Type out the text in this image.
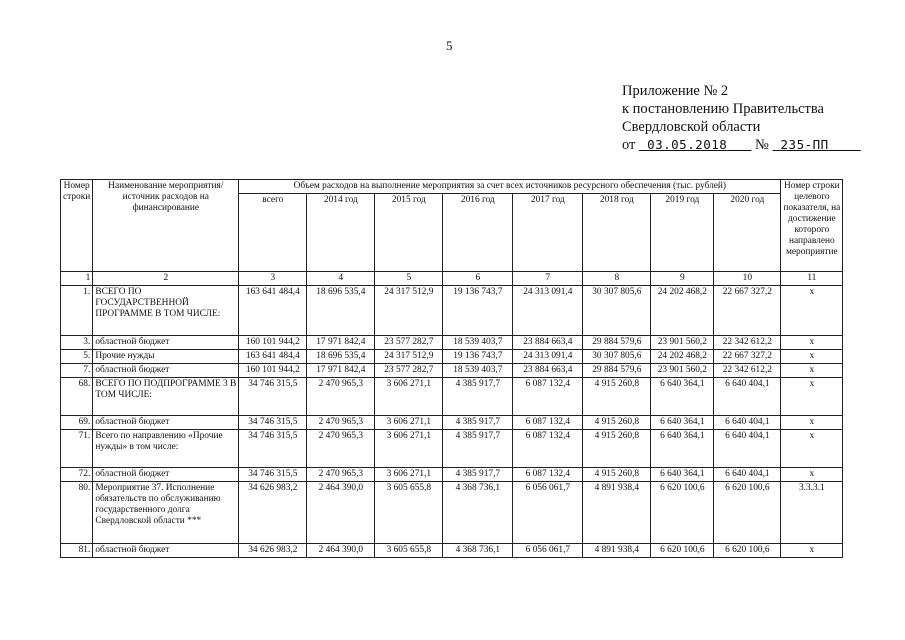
5
Приложение № 2
к постановлению Правительства
Свердловской области
от 03.05.2018 № 235-ПП
Номер строки	Наименование мероприятия/источник расходов на финансирование	Объем расходов на выполнение мероприятия за счет всех источников ресурсного обеспечения (тыс. рублей)								Номер строки целевого показателя, на достижение которого направлено мероприятие
		всего	2014 год	2015 год	2016 год	2017 год	2018 год	2019 год	2020 год	
1	2	3	4	5	6	7	8	9	10	11
1.	ВСЕГО ПО ГОСУДАРСТВЕННОЙ ПРОГРАММЕ В ТОМ ЧИСЛЕ:	163 641 484,4	18 696 535,4	24 317 512,9	19 136 743,7	24 313 091,4	30 307 805,6	24 202 468,2	22 667 327,2	х
3.	областной бюджет	160 101 944,2	17 971 842,4	23 577 282,7	18 539 403,7	23 884 663,4	29 884 579,6	23 901 560,2	22 342 612,2	х
5.	Прочие нужды	163 641 484,4	18 696 535,4	24 317 512,9	19 136 743,7	24 313 091,4	30 307 805,6	24 202 468,2	22 667 327,2	х
7.	областной бюджет	160 101 944,2	17 971 842,4	23 577 282,7	18 539 403,7	23 884 663,4	29 884 579,6	23 901 560,2	22 342 612,2	х
68.	ВСЕГО ПО ПОДПРОГРАММЕ 3 В ТОМ ЧИСЛЕ:	34 746 315,5	2 470 965,3	3 606 271,1	4 385 917,7	6 087 132,4	4 915 260,8	6 640 364,1	6 640 404,1	х
69.	областной бюджет	34 746 315,5	2 470 965,3	3 606 271,1	4 385 917,7	6 087 132,4	4 915 260,8	6 640 364,1	6 640 404,1	х
71.	Всего по направлению «Прочие нужды» в том числе:	34 746 315,5	2 470 965,3	3 606 271,1	4 385 917,7	6 087 132,4	4 915 260,8	6 640 364,1	6 640 404,1	х
72.	областной бюджет	34 746 315,5	2 470 965,3	3 606 271,1	4 385 917,7	6 087 132,4	4 915 260,8	6 640 364,1	6 640 404,1	х
80.	Мероприятие 37. Исполнение обязательств по обслуживанию государственного долга Свердловской области ***	34 626 983,2	2 464 390,0	3 605 655,8	4 368 736,1	6 056 061,7	4 891 938,4	6 620 100,6	6 620 100,6	3.3.3.1
81.	областной бюджет	34 626 983,2	2 464 390,0	3 605 655,8	4 368 736,1	6 056 061,7	4 891 938,4	6 620 100,6	6 620 100,6	х
